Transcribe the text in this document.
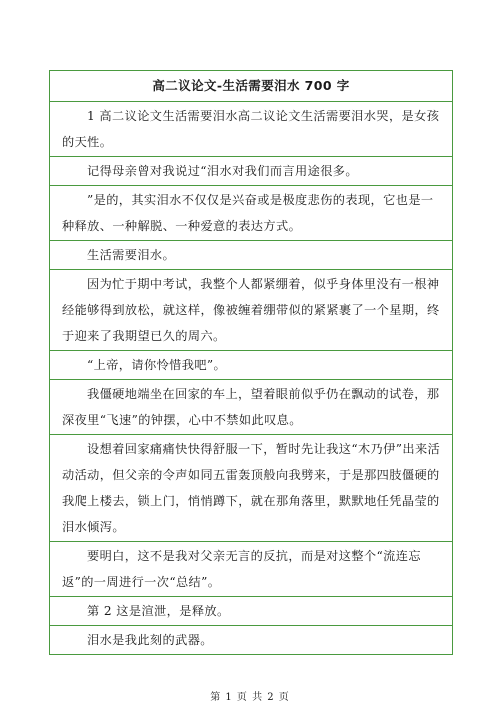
高二议论文-生活需要泪水 700 字
1 高二议论文生活需要泪水高二议论文生活需要泪水哭，是女孩的天性。
记得母亲曾对我说过“泪水对我们而言用途很多。
”是的，其实泪水不仅仅是兴奋或是极度悲伤的表现，它也是一种释放、一种解脱、一种爱意的表达方式。
生活需要泪水。
因为忙于期中考试，我整个人都紧绷着，似乎身体里没有一根神经能够得到放松，就这样，像被缠着绷带似的紧紧裹了一个星期，终于迎来了我期望已久的周六。
“上帝，请你怜惜我吧”。
我僵硬地端坐在回家的车上，望着眼前似乎仍在飘动的试卷，那深夜里“飞速”的钟摆，心中不禁如此叹息。
设想着回家痛痛快快得舒服一下，暂时先让我这“木乃伊”出来活动活动，但父亲的令声如同五雷轰顶般向我劈来，于是那四肢僵硬的我爬上楼去，锁上门，悄悄蹲下，就在那角落里，默默地任凭晶莹的泪水倾泻。
要明白，这不是我对父亲无言的反抗，而是对这整个“流连忘返”的一周进行一次“总结”。
第 2 这是渲泄，是释放。
泪水是我此刻的武器。
第 1 页 共 2 页
